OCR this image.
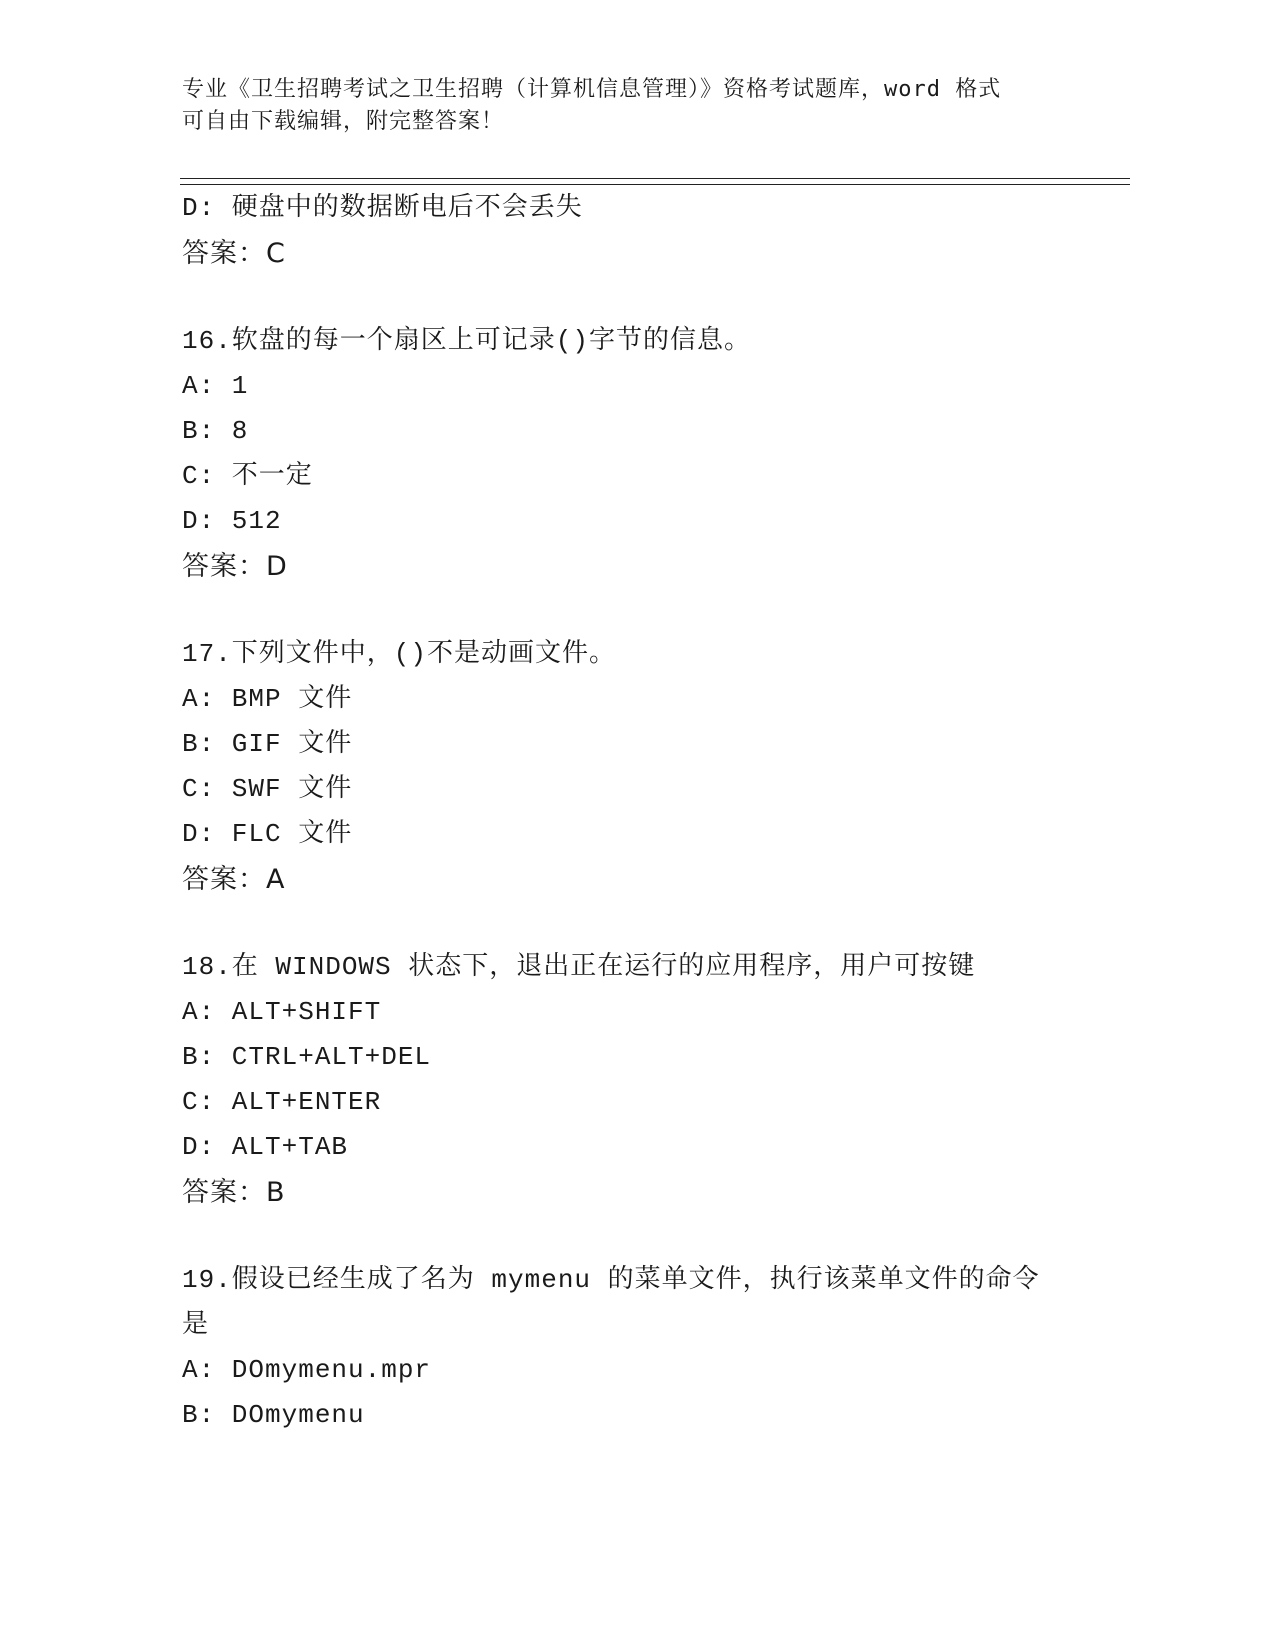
专业《卫生招聘考试之卫生招聘（计算机信息管理）》资格考试题库，word 格式
可自由下载编辑，附完整答案！
D: 硬盘中的数据断电后不会丢失
答案：C
16.软盘的每一个扇区上可记录()字节的信息。
A: 1
B: 8
C: 不一定
D: 512
答案：D
17.下列文件中，()不是动画文件。
A: BMP 文件
B: GIF 文件
C: SWF 文件
D: FLC 文件
答案：A
18.在 WINDOWS 状态下，退出正在运行的应用程序，用户可按键
A: ALT+SHIFT
B: CTRL+ALT+DEL
C: ALT+ENTER
D: ALT+TAB
答案：B
19.假设已经生成了名为 mymenu 的菜单文件，执行该菜单文件的命令
是
A: DOmymenu.mpr
B: DOmymenu
